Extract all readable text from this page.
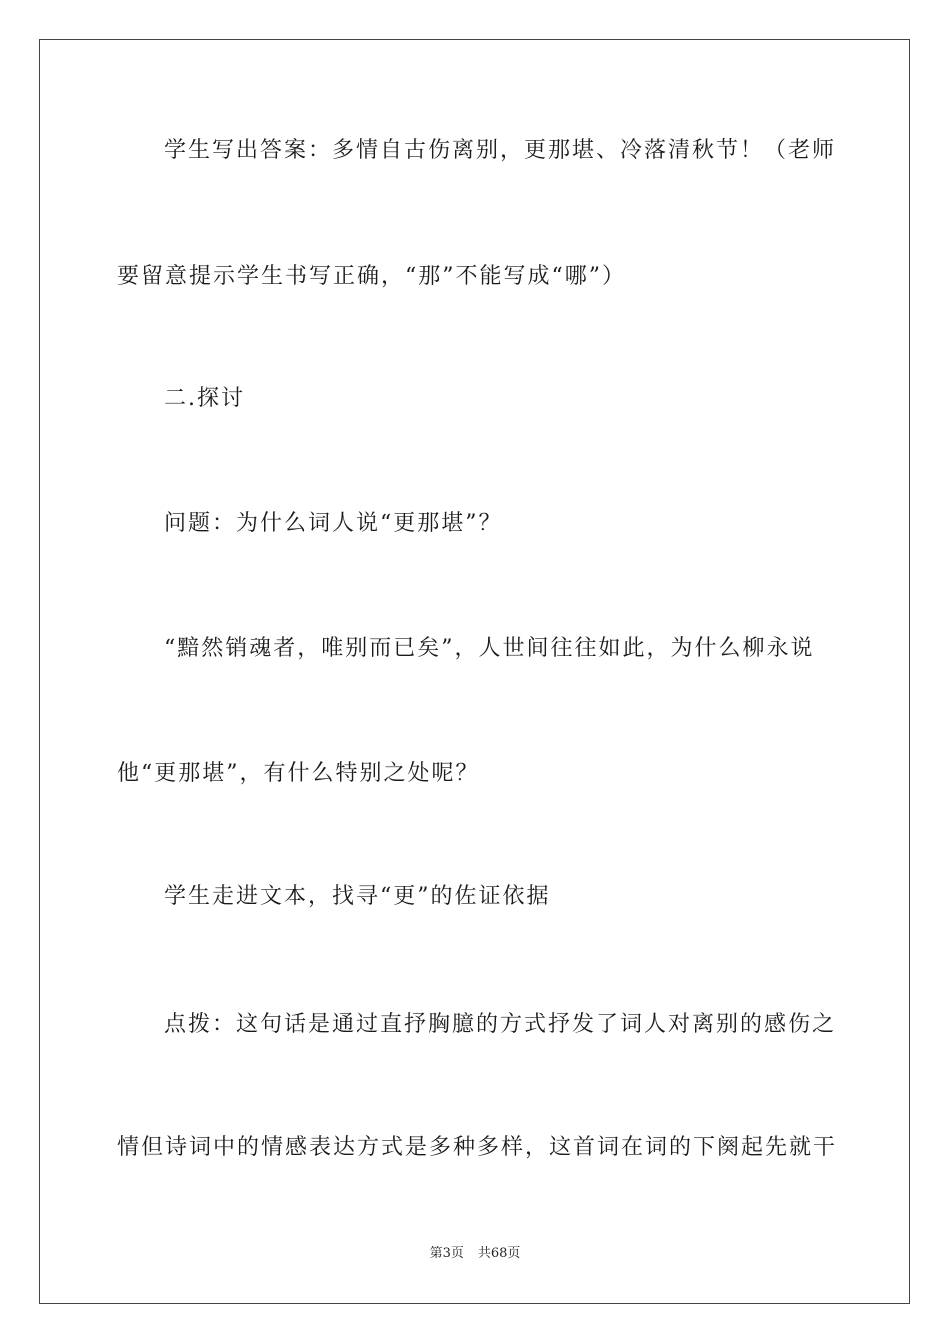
学生写出答案：多情自古伤离别，更那堪、冷落清秋节！（老师
要留意提示学生书写正确，“那”不能写成“哪”）
二.探讨
问题：为什么词人说“更那堪”？
“黯然销魂者，唯别而已矣”，人世间往往如此，为什么柳永说
他“更那堪”，有什么特别之处呢？
学生走进文本，找寻“更”的佐证依据
点拨：这句话是通过直抒胸臆的方式抒发了词人对离别的感伤之
情但诗词中的情感表达方式是多种多样，这首词在词的下阕起先就干
第3页 共68页
